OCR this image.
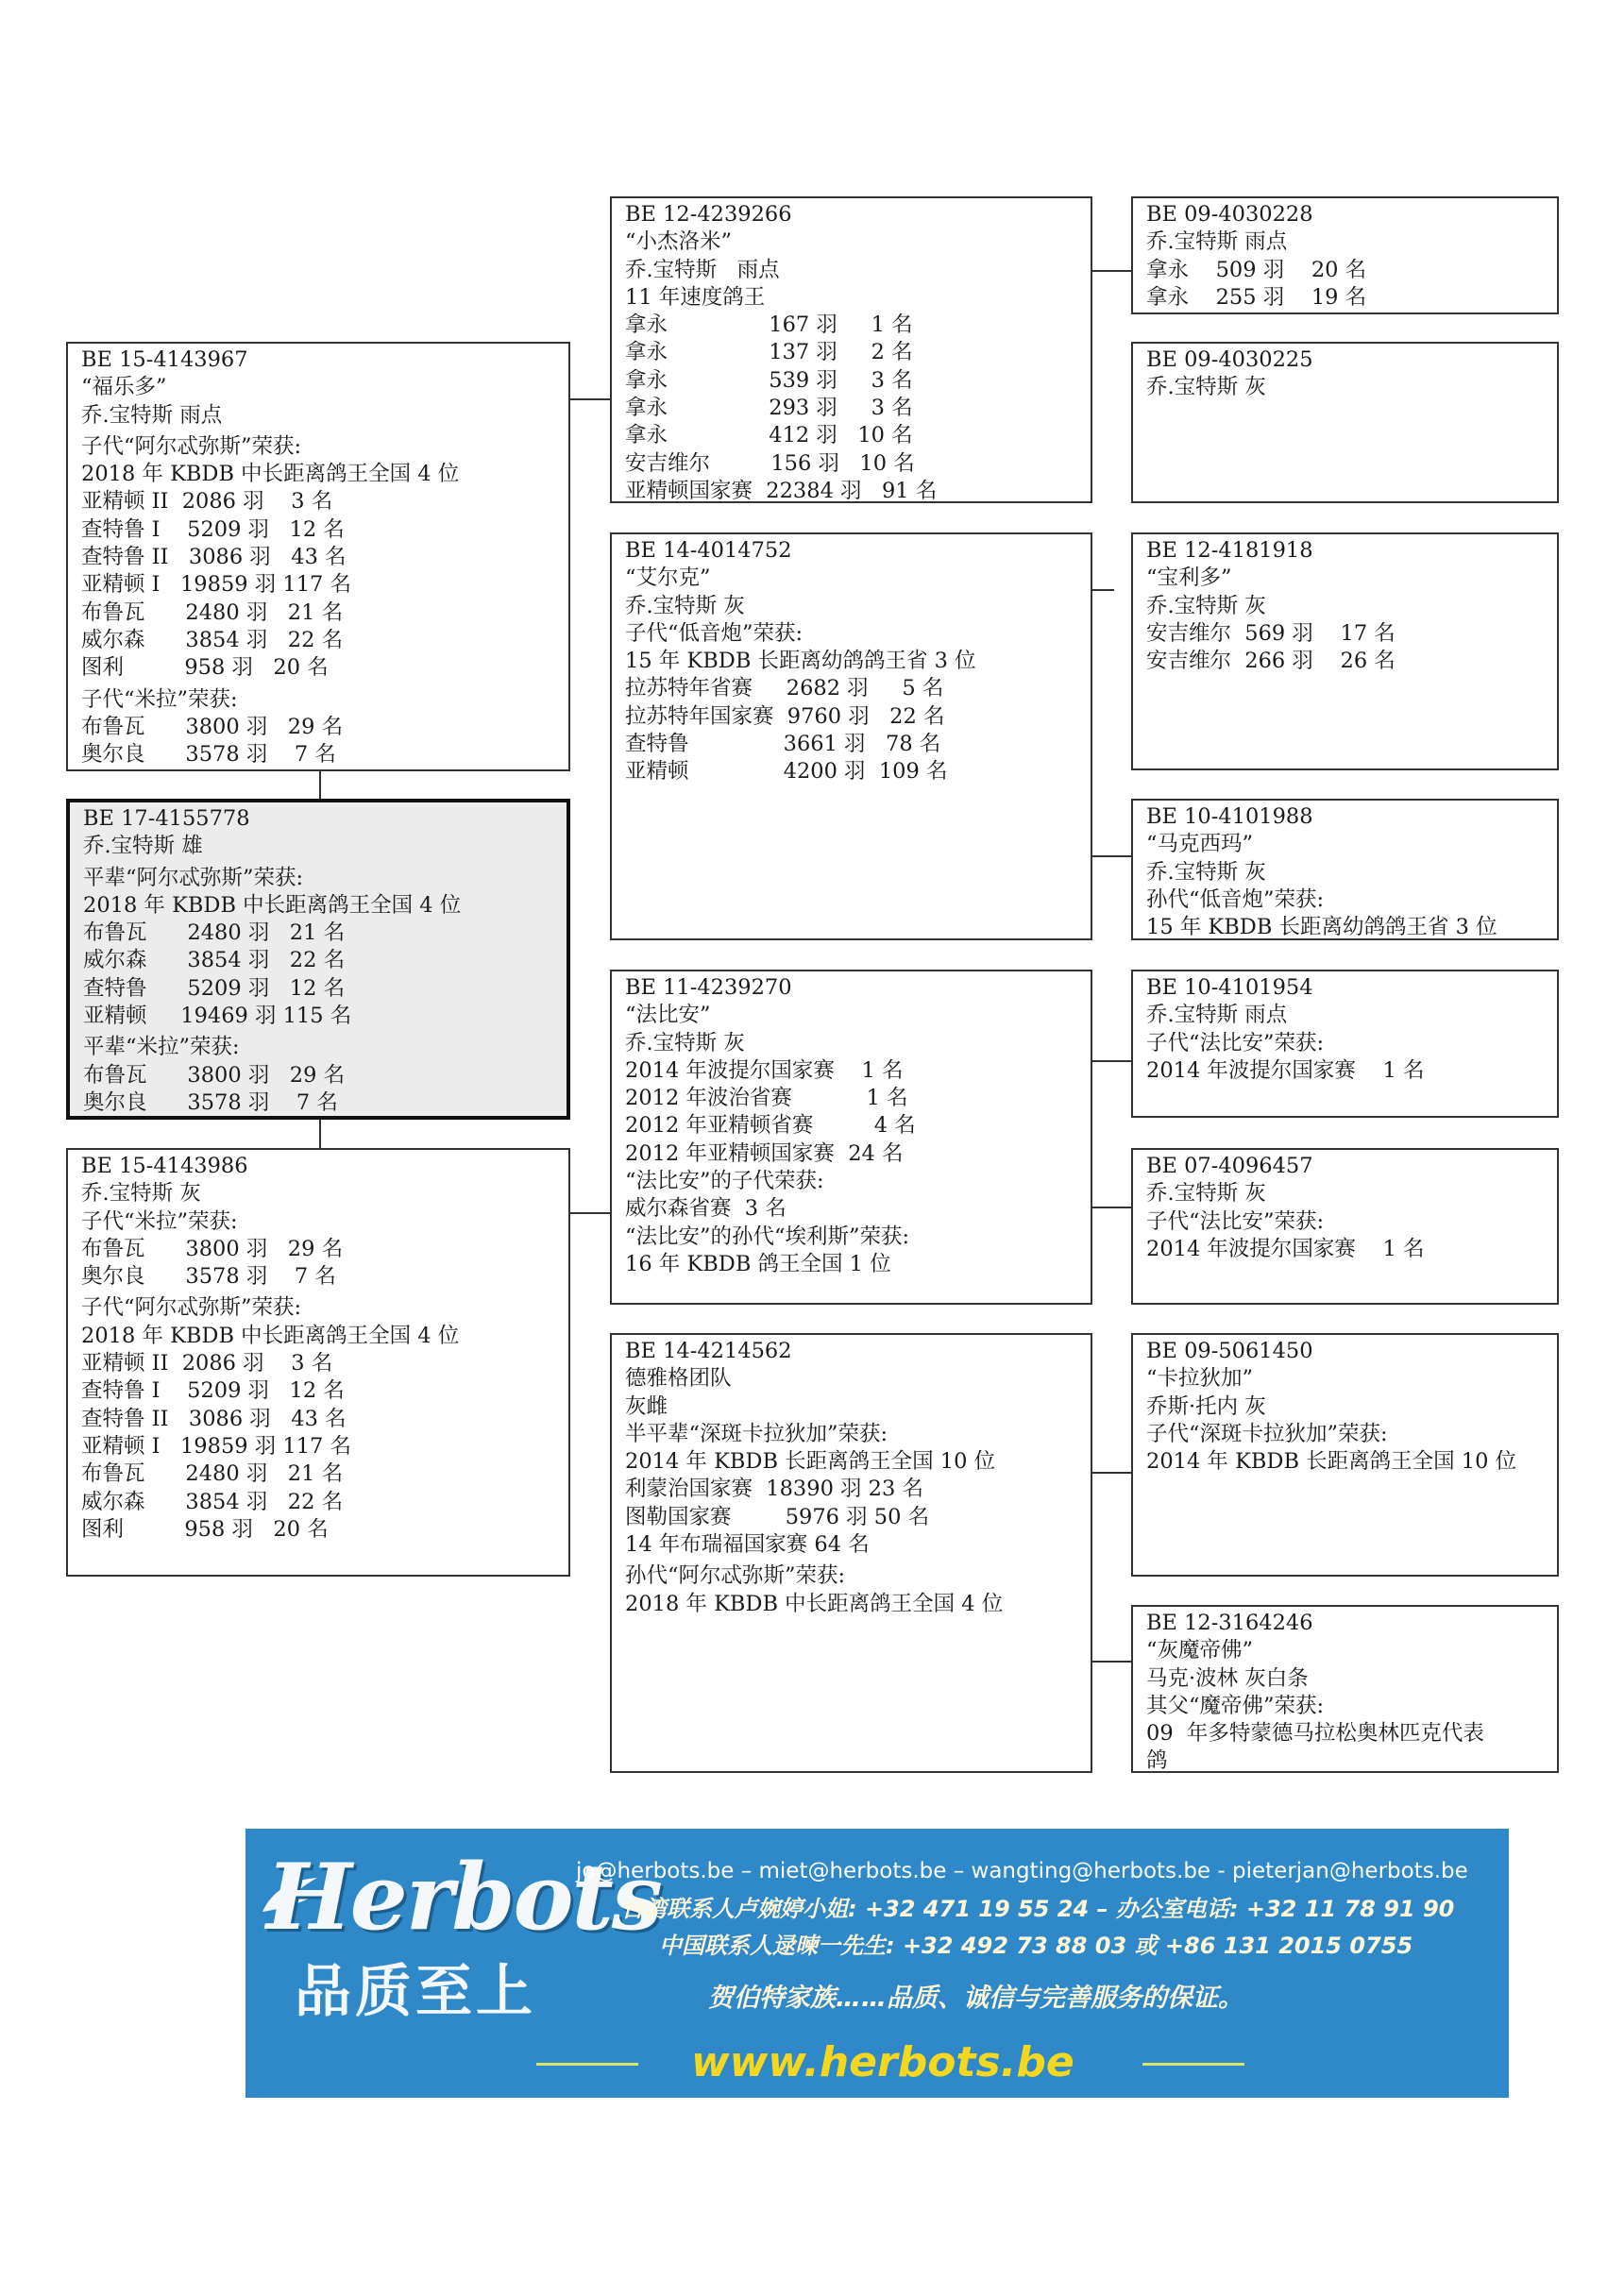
BE 15-4143967
“福乐多”
乔.宝特斯 雨点
子代“阿尔忒弥斯”荣获:
2018 年 KBDB 中长距离鸽王全国 4 位
亚精顿 II  2086 羽    3 名
查特鲁 I    5209 羽   12 名
查特鲁 II   3086 羽   43 名
亚精顿 I   19859 羽 117 名
布鲁瓦      2480 羽   21 名
威尔森      3854 羽   22 名
图利         958 羽   20 名
子代“米拉”荣获:
布鲁瓦      3800 羽   29 名
奥尔良      3578 羽    7 名
BE 17-4155778
乔.宝特斯 雄
平辈“阿尔忒弥斯”荣获:
2018 年 KBDB 中长距离鸽王全国 4 位
布鲁瓦      2480 羽   21 名
威尔森      3854 羽   22 名
查特鲁      5209 羽   12 名
亚精顿     19469 羽 115 名
平辈“米拉”荣获:
布鲁瓦      3800 羽   29 名
奥尔良      3578 羽    7 名
BE 15-4143986
乔.宝特斯 灰
子代“米拉”荣获:
布鲁瓦      3800 羽   29 名
奥尔良      3578 羽    7 名
子代“阿尔忒弥斯”荣获:
2018 年 KBDB 中长距离鸽王全国 4 位
亚精顿 II  2086 羽    3 名
查特鲁 I    5209 羽   12 名
查特鲁 II   3086 羽   43 名
亚精顿 I   19859 羽 117 名
布鲁瓦      2480 羽   21 名
威尔森      3854 羽   22 名
图利         958 羽   20 名
BE 12-4239266
“小杰洛米”
乔.宝特斯   雨点
11 年速度鸽王
拿永               167 羽     1 名
拿永               137 羽     2 名
拿永               539 羽     3 名
拿永               293 羽     3 名
拿永               412 羽   10 名
安吉维尔         156 羽   10 名
亚精顿国家赛  22384 羽   91 名
BE 14-4014752
“艾尔克”
乔.宝特斯 灰
子代“低音炮”荣获:
15 年 KBDB 长距离幼鸽鸽王省 3 位
拉苏特年省赛     2682 羽     5 名
拉苏特年国家赛  9760 羽   22 名
查特鲁              3661 羽   78 名
亚精顿              4200 羽  109 名
BE 11-4239270
“法比安”
乔.宝特斯 灰
2014 年波提尔国家赛    1 名
2012 年波治省赛           1 名
2012 年亚精顿省赛         4 名
2012 年亚精顿国家赛  24 名
“法比安”的子代荣获:
威尔森省赛  3 名
“法比安”的孙代“埃利斯”荣获:
16 年 KBDB 鸽王全国 1 位
BE 14-4214562
德雅格团队
灰雌
半平辈“深斑卡拉狄加”荣获:
2014 年 KBDB 长距离鸽王全国 10 位
利蒙治国家赛  18390 羽 23 名
图勒国家赛        5976 羽 50 名
14 年布瑞福国家赛 64 名
孙代“阿尔忒弥斯”荣获:
2018 年 KBDB 中长距离鸽王全国 4 位
BE 09-4030228
乔.宝特斯 雨点
拿永    509 羽    20 名
拿永    255 羽    19 名
BE 09-4030225
乔.宝特斯 灰
BE 12-4181918
“宝利多”
乔.宝特斯 灰
安吉维尔  569 羽    17 名
安吉维尔  266 羽    26 名
BE 10-4101988
“马克西玛”
乔.宝特斯 灰
孙代“低音炮”荣获:
15 年 KBDB 长距离幼鸽鸽王省 3 位
BE 10-4101954
乔.宝特斯 雨点
子代“法比安”荣获:
2014 年波提尔国家赛    1 名
BE 07-4096457
乔.宝特斯 灰
子代“法比安”荣获:
2014 年波提尔国家赛    1 名
BE 09-5061450
“卡拉狄加”
乔斯·托内 灰
子代“深斑卡拉狄加”荣获:
2014 年 KBDB 长距离鸽王全国 10 位
BE 12-3164246
“灰魔帝佛”
马克·波林 灰白条
其父“魔帝佛”荣获:
09  年多特蒙德马拉松奥林匹克代表
鸽
Herbots
品质至上
jo@herbots.be – miet@herbots.be – wangting@herbots.be - pieterjan@herbots.be
台湾联系人卢婉婷小姐: +32 471 19 55 24 – 办公室电话: +32 11 78 91 90
中国联系人逯暕一先生: +32 492 73 88 03 或 +86 131 2015 0755
贺伯特家族……品质、诚信与完善服务的保证。
www.herbots.be
